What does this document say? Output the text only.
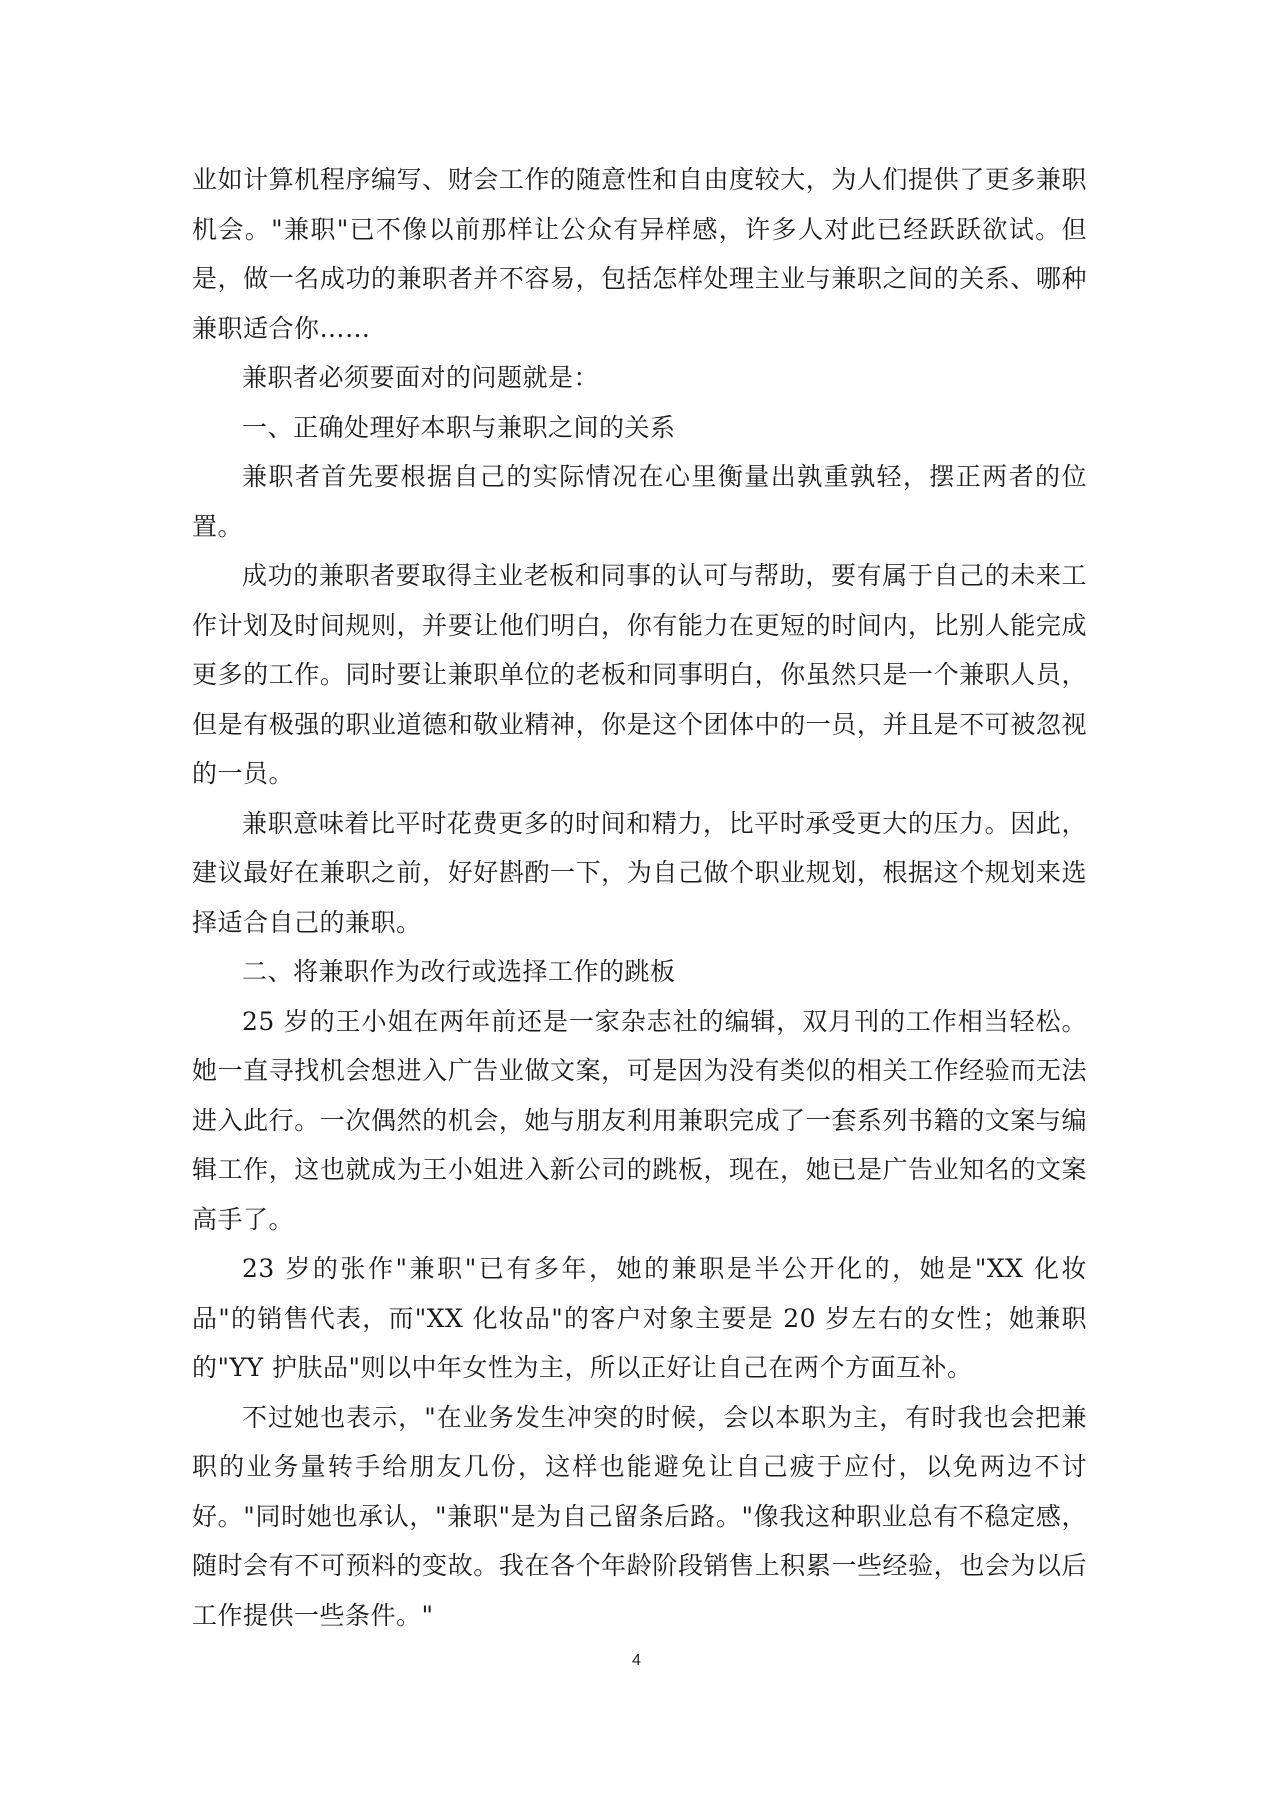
业如计算机程序编写、财会工作的随意性和自由度较大，为人们提供了更多兼职机会。"兼职"已不像以前那样让公众有异样感，许多人对此已经跃跃欲试。但是，做一名成功的兼职者并不容易，包括怎样处理主业与兼职之间的关系、哪种兼职适合你……

兼职者必须要面对的问题就是：

一、正确处理好本职与兼职之间的关系

兼职者首先要根据自己的实际情况在心里衡量出孰重孰轻，摆正两者的位置。

成功的兼职者要取得主业老板和同事的认可与帮助，要有属于自己的未来工作计划及时间规则，并要让他们明白，你有能力在更短的时间内，比别人能完成更多的工作。同时要让兼职单位的老板和同事明白，你虽然只是一个兼职人员，但是有极强的职业道德和敬业精神，你是这个团体中的一员，并且是不可被忽视的一员。

兼职意味着比平时花费更多的时间和精力，比平时承受更大的压力。因此，建议最好在兼职之前，好好斟酌一下，为自己做个职业规划，根据这个规划来选择适合自己的兼职。

二、将兼职作为改行或选择工作的跳板

25 岁的王小姐在两年前还是一家杂志社的编辑，双月刊的工作相当轻松。她一直寻找机会想进入广告业做文案，可是因为没有类似的相关工作经验而无法进入此行。一次偶然的机会，她与朋友利用兼职完成了一套系列书籍的文案与编辑工作，这也就成为王小姐进入新公司的跳板，现在，她已是广告业知名的文案高手了。

23 岁的张作"兼职"已有多年，她的兼职是半公开化的，她是"XX 化妆品"的销售代表，而"XX 化妆品"的客户对象主要是 20 岁左右的女性；她兼职的"YY 护肤品"则以中年女性为主，所以正好让自己在两个方面互补。

不过她也表示，"在业务发生冲突的时候，会以本职为主，有时我也会把兼职的业务量转手给朋友几份，这样也能避免让自己疲于应付，以免两边不讨好。"同时她也承认，"兼职"是为自己留条后路。"像我这种职业总有不稳定感，随时会有不可预料的变故。我在各个年龄阶段销售上积累一些经验，也会为以后工作提供一些条件。"

4
